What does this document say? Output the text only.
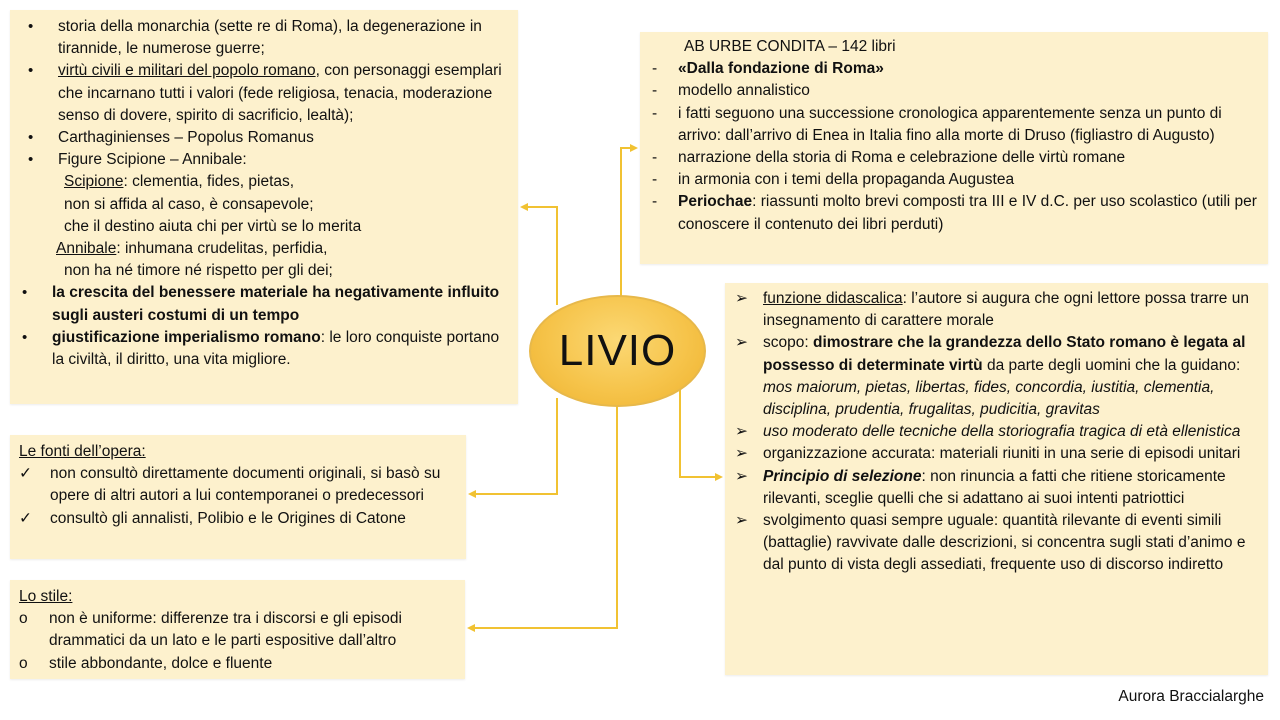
• storia della monarchia (sette re di Roma), la degenerazione in tirannide, le numerose guerre;
• virtù civili e militari del popolo romano, con personaggi esemplari che incarnano tutti i valori (fede religiosa, tenacia, moderazione senso di dovere, spirito di sacrificio, lealtà);
• Carthaginienses – Popolus Romanus
• Figure Scipione – Annibale:
Scipione: clementia, fides, pietas,
non si affida al caso, è consapevole;
che il destino aiuta chi per virtù se lo merita
Annibale: inhumana crudelitas, perfidia,
non ha né timore né rispetto per gli dei;
• la crescita del benessere materiale ha negativamente influito sugli austeri costumi di un tempo
• giustificazione imperialismo romano: le loro conquiste portano la civiltà, il diritto, una vita migliore.
AB URBE CONDITA – 142 libri
- «Dalla fondazione di Roma»
- modello annalistico
- i fatti seguono una successione cronologica apparentemente senza un punto di arrivo: dall’arrivo di Enea in Italia fino alla morte di Druso (figliastro di Augusto)
- narrazione della storia di Roma e celebrazione delle virtù romane
- in armonia con i temi della propaganda Augustea
- Periochae: riassunti molto brevi composti tra III e IV d.C. per uso scolastico (utili per conoscere il contenuto dei libri perduti)
Le fonti dell’opera:
✓ non consultò direttamente documenti originali, si basò su opere di altri autori a lui contemporanei o predecessori
✓ consultò gli annalisti, Polibio e le Origines di Catone
Lo stile:
o non è uniforme: differenze tra i discorsi e gli episodi drammatici da un lato e le parti espositive dall’altro
o stile abbondante, dolce e fluente
➢ funzione didascalica: l’autore si augura che ogni lettore possa trarre un insegnamento di carattere morale
➢ scopo: dimostrare che la grandezza dello Stato romano è legata al possesso di determinate virtù da parte degli uomini che la guidano: mos maiorum, pietas, libertas, fides, concordia, iustitia, clementia, disciplina, prudentia, frugalitas, pudicitia, gravitas
➢ uso moderato delle tecniche della storiografia tragica di età ellenistica
➢ organizzazione accurata: materiali riuniti in una serie di episodi unitari
➢ Principio di selezione: non rinuncia a fatti che ritiene storicamente rilevanti, sceglie quelli che si adattano ai suoi intenti patriottici
➢ svolgimento quasi sempre uguale: quantità rilevante di eventi simili (battaglie) ravvivate dalle descrizioni, si concentra sugli stati d’animo e dal punto di vista degli assediati, frequente uso di discorso indiretto
LIVIO
Aurora Braccialarghe
